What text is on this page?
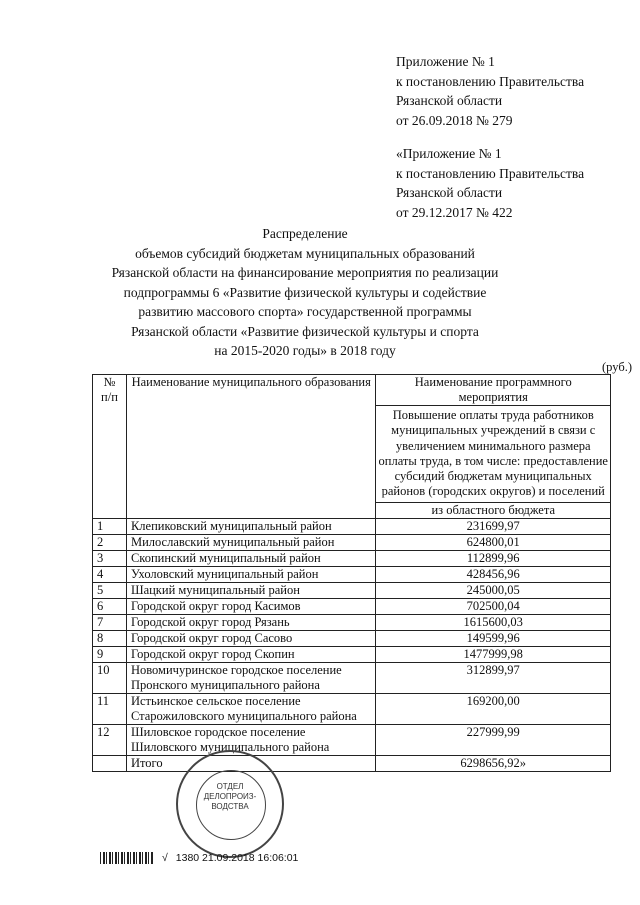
Приложение № 1
к постановлению Правительства
Рязанской области
от 26.09.2018 № 279
«Приложение № 1
к постановлению Правительства
Рязанской области
от 29.12.2017 № 422
Распределение
объемов субсидий бюджетам муниципальных образований
Рязанской области на финансирование мероприятия по реализации
подпрограммы 6 «Развитие физической культуры и содействие
развитию массового спорта» государственной программы
Рязанской области «Развитие физической культуры и спорта
на 2015-2020 годы» в 2018 году
(руб.)
№ п/п	Наименование муниципального образования	Наименование программного мероприятия
		Повышение оплаты труда работников муниципальных учреждений в связи с увеличением минимального размера оплаты труда, в том числе: предоставление субсидий бюджетам муниципальных районов (городских округов) и поселений
		из областного бюджета
1	Клепиковский муниципальный район	231699,97
2	Милославский муниципальный район	624800,01
3	Скопинский муниципальный район	112899,96
4	Ухоловский муниципальный район	428456,96
5	Шацкий муниципальный район	245000,05
6	Городской округ город Касимов	702500,04
7	Городской округ город Рязань	1615600,03
8	Городской округ город Сасово	149599,96
9	Городской округ город Скопин	1477999,98
10	Новомичуринское городское поселение Пронского муниципального района	312899,97
11	Истьинское сельское поселение Старожиловского муниципального района	169200,00
12	Шиловское городское поселение Шиловского муниципального района	227999,99
	Итого	6298656,92»
ОТДЕЛ
ДЕЛОПРОИЗ-
ВОДСТВА
√ 1380 21.09.2018 16:06:01
